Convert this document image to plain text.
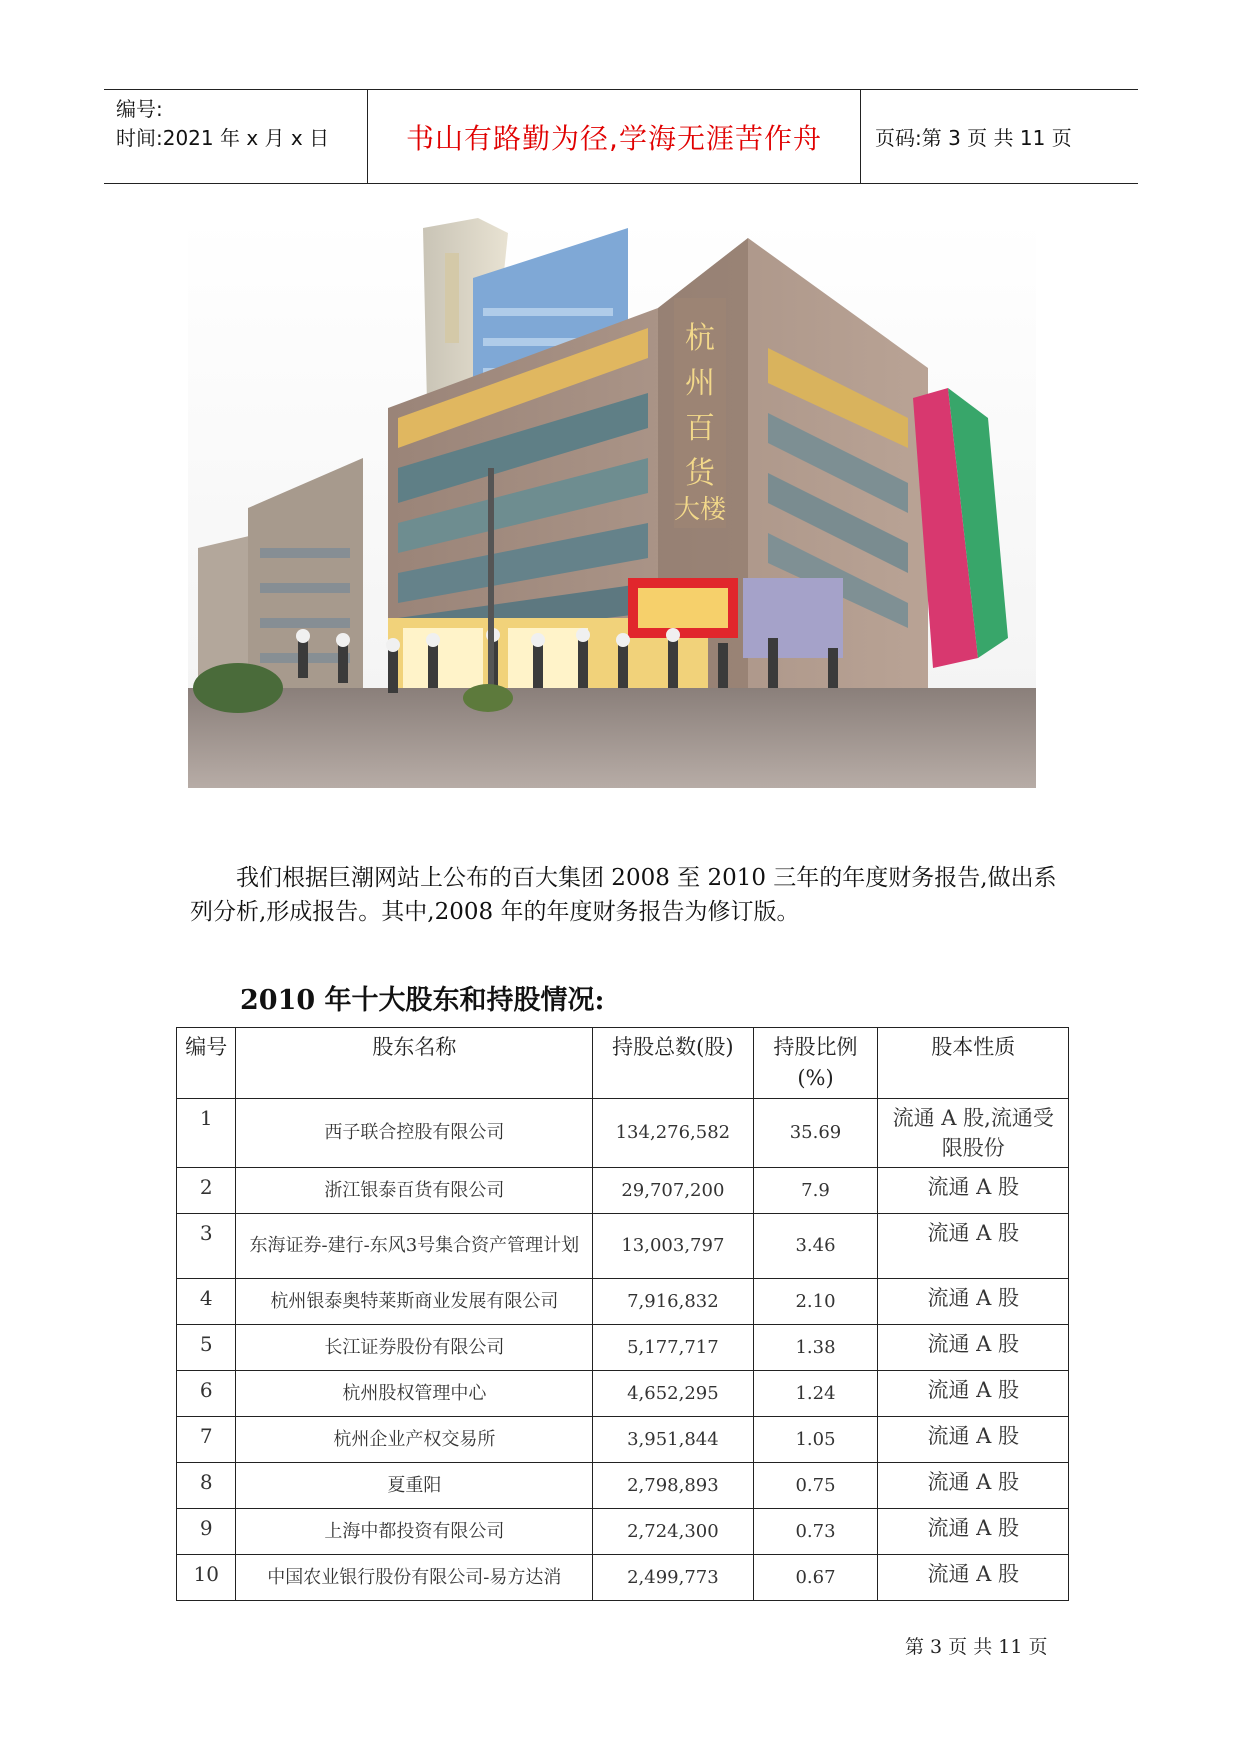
编号:
时间:2021 年 x 月 x 日	书山有路勤为径,学海无涯苦作舟	页码:第 3 页 共 11 页
杭
州
百
货
大楼

我们根据巨潮网站上公布的百大集团 2008 至 2010 三年的年度财务报告,做出系列分析,形成报告。其中,2008 年的年度财务报告为修订版。

2010 年十大股东和持股情况:
编号	股东名称	持股总数(股)	持股比例(%)	股本性质
1	西子联合控股有限公司	134,276,582	35.69	流通 A 股,流通受限股份
2	浙江银泰百货有限公司	29,707,200	7.9	流通 A 股
3	东海证券-建行-东风3号集合资产管理计划	13,003,797	3.46	流通 A 股
4	杭州银泰奥特莱斯商业发展有限公司	7,916,832	2.10	流通 A 股
5	长江证券股份有限公司	5,177,717	1.38	流通 A 股
6	杭州股权管理中心	4,652,295	1.24	流通 A 股
7	杭州企业产权交易所	3,951,844	1.05	流通 A 股
8	夏重阳	2,798,893	0.75	流通 A 股
9	上海中都投资有限公司	2,724,300	0.73	流通 A 股
10	中国农业银行股份有限公司-易方达消	2,499,773	0.67	流通 A 股
第 3 页 共 11 页
